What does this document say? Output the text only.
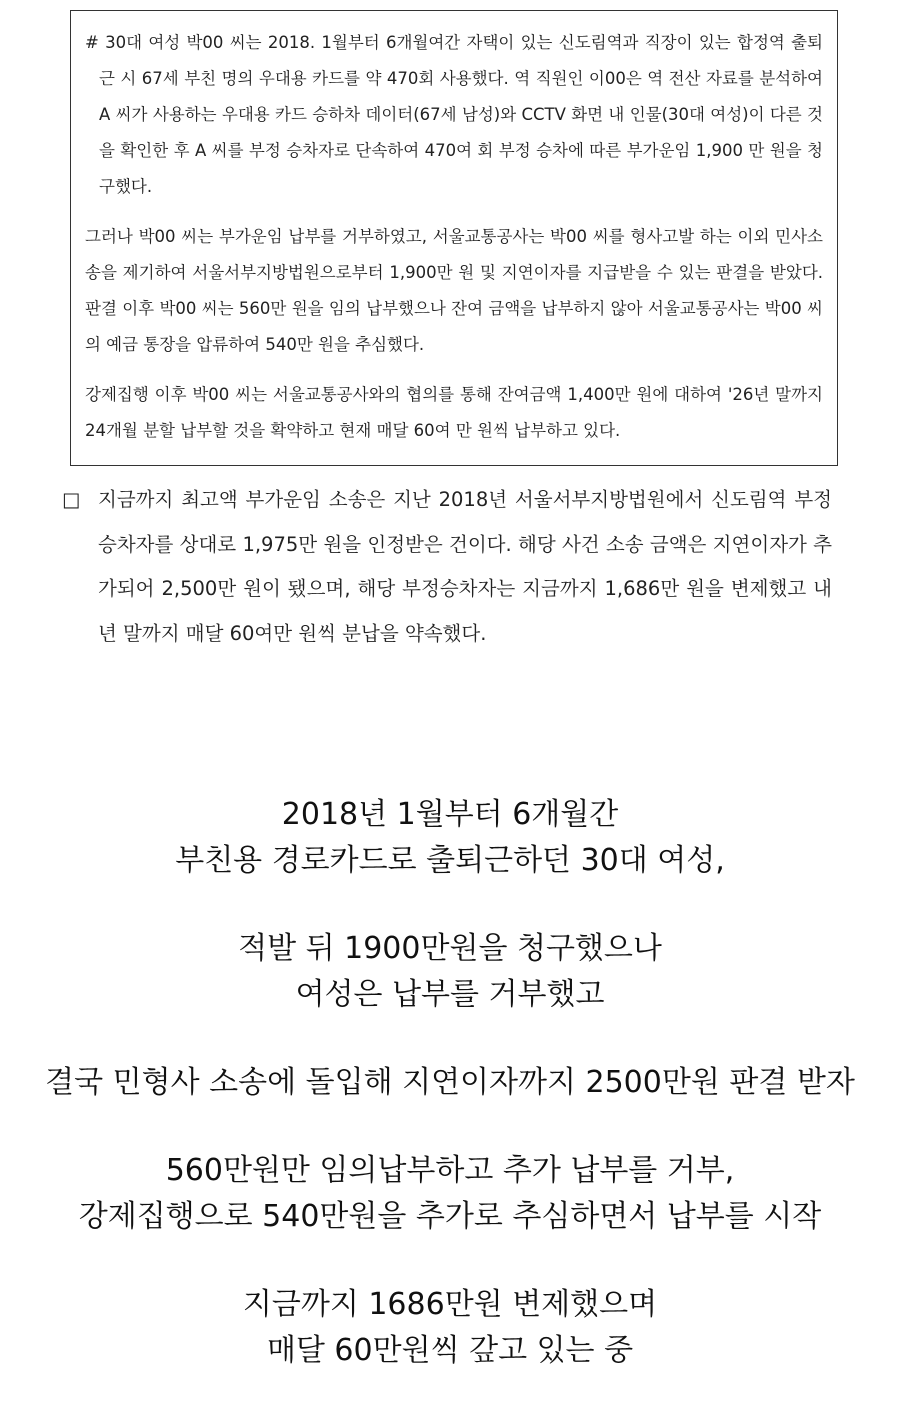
# 30대 여성 박00 씨는 2018. 1월부터 6개월여간 자택이 있는 신도림역과 직장이 있는 합정역 출퇴근 시 67세 부친 명의 우대용 카드를 약 470회 사용했다. 역 직원인 이00은 역 전산 자료를 분석하여 A 씨가 사용하는 우대용 카드 승하차 데이터(67세 남성)와 CCTV 화면 내 인물(30대 여성)이 다른 것을 확인한 후 A 씨를 부정 승차자로 단속하여 470여 회 부정 승차에 따른 부가운임 1,900 만 원을 청구했다.

그러나 박00 씨는 부가운임 납부를 거부하였고, 서울교통공사는 박00 씨를 형사고발 하는 이외 민사소송을 제기하여 서울서부지방법원으로부터 1,900만 원 및 지연이자를 지급받을 수 있는 판결을 받았다. 판결 이후 박00 씨는 560만 원을 임의 납부했으나 잔여 금액을 납부하지 않아 서울교통공사는 박00 씨의 예금 통장을 압류하여 540만 원을 추심했다.

강제집행 이후 박00 씨는 서울교통공사와의 협의를 통해 잔여금액 1,400만 원에 대하여 '26년 말까지 24개월 분할 납부할 것을 확약하고 현재 매달 60여 만 원씩 납부하고 있다.

□ 지금까지 최고액 부가운임 소송은 지난 2018년 서울서부지방법원에서 신도림역 부정승차자를 상대로 1,975만 원을 인정받은 건이다. 해당 사건 소송 금액은 지연이자가 추가되어 2,500만 원이 됐으며, 해당 부정승차자는 지금까지 1,686만 원을 변제했고 내년 말까지 매달 60여만 원씩 분납을 약속했다.

2018년 1월부터 6개월간
부친용 경로카드로 출퇴근하던 30대 여성,
적발 뒤 1900만원을 청구했으나
여성은 납부를 거부했고
결국 민형사 소송에 돌입해 지연이자까지 2500만원 판결 받자
560만원만 임의납부하고 추가 납부를 거부,
강제집행으로 540만원을 추가로 추심하면서 납부를 시작
지금까지 1686만원 변제했으며
매달 60만원씩 갚고 있는 중
